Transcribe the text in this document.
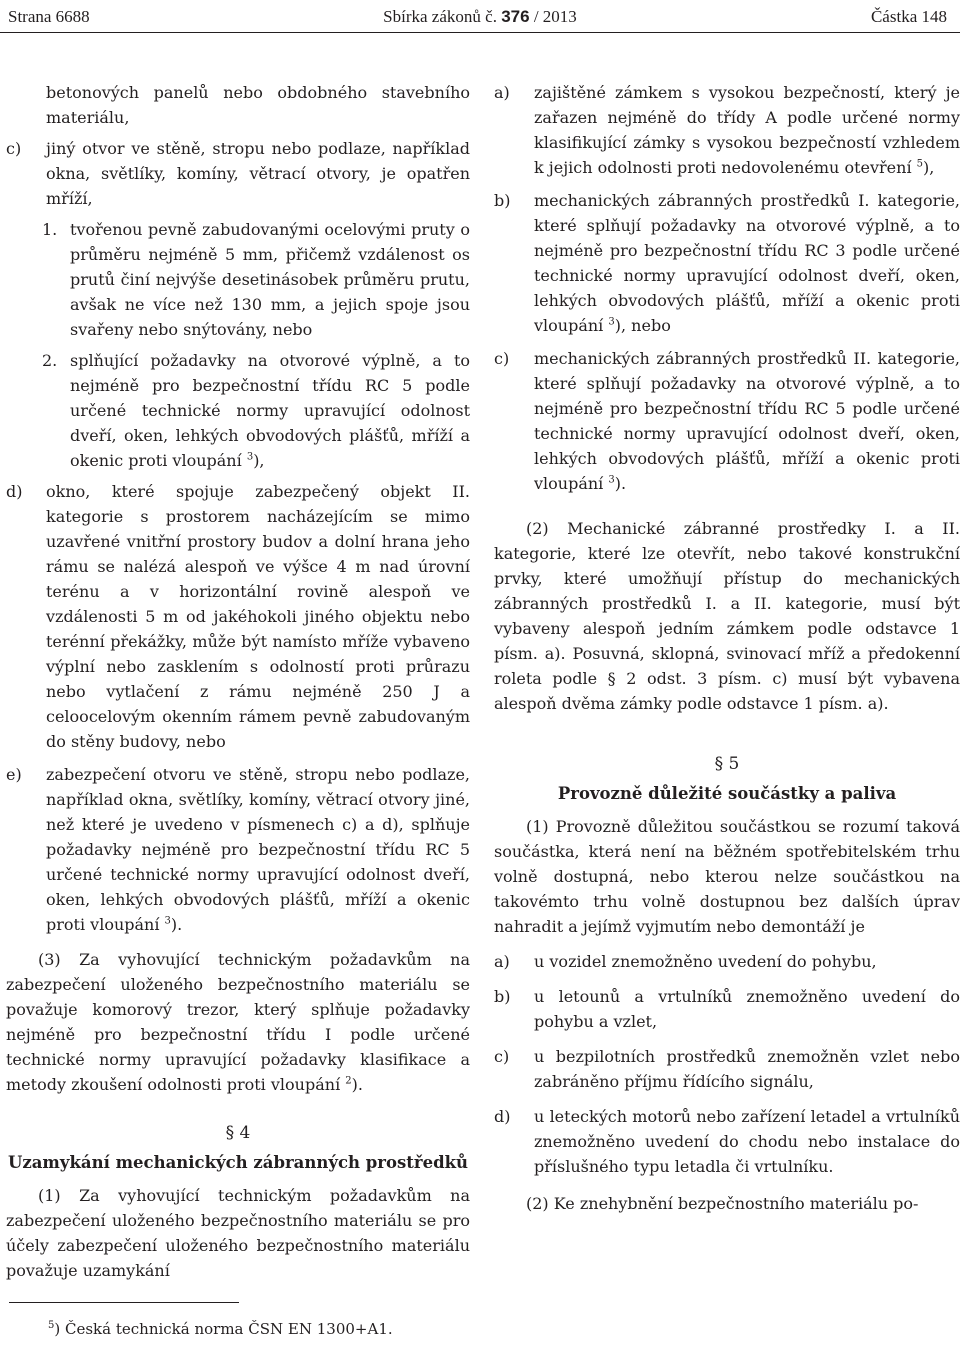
Strana 6688	Sbírka zákonů č. 376 / 2013	Částka 148

betonových panelů nebo obdobného stavebního materiálu,

c) jiný otvor ve stěně, stropu nebo podlaze, například okna, světlíky, komíny, větrací otvory, je opatřen mříží,
1. tvořenou pevně zabudovanými ocelovými pruty o průměru nejméně 5 mm, přičemž vzdálenost os prutů činí nejvýše desetinásobek průměru prutu, avšak ne více než 130 mm, a jejich spoje jsou svařeny nebo snýtovány, nebo
2. splňující požadavky na otvorové výplně, a to nejméně pro bezpečnostní třídu RC 5 podle určené technické normy upravující odolnost dveří, oken, lehkých obvodových plášťů, mříží a okenic proti vloupání $^3$),
d) okno, které spojuje zabezpečený objekt II. kategorie s prostorem nacházejícím se mimo uzavřené vnitřní prostory budov a dolní hrana jeho rámu se nalézá alespoň ve výšce 4 m nad úrovní terénu a v horizontální rovině alespoň ve vzdálenosti 5 m od jakéhokoli jiného objektu nebo terénní překážky, může být namísto mříže vybaveno výplní nebo zasklením s odolností proti průrazu nebo vytlačení z rámu nejméně 250 J a celoocelovým okenním rámem pevně zabudovaným do stěny budovy, nebo
e) zabezpečení otvoru ve stěně, stropu nebo podlaze, například okna, světlíky, komíny, větrací otvory jiné, než které je uvedeno v písmenech c) a d), splňuje požadavky nejméně pro bezpečnostní třídu RC 5 určené technické normy upravující odolnost dveří, oken, lehkých obvodových plášťů, mříží a okenic proti vloupání $^3$).

(3) Za vyhovující technickým požadavkům na zabezpečení uloženého bezpečnostního materiálu se považuje komorový trezor, který splňuje požadavky nejméně pro bezpečnostní třídu I podle určené technické normy upravující požadavky klasifikace a metody zkoušení odolnosti proti vloupání $^2$).

§ 4

Uzamykání mechanických zábranných prostředků

(1) Za vyhovující technickým požadavkům na zabezpečení uloženého bezpečnostního materiálu se pro účely zabezpečení uloženého bezpečnostního materiálu považuje uzamykání

a) zajištěné zámkem s vysokou bezpečností, který je zařazen nejméně do třídy A podle určené normy klasifikující zámky s vysokou bezpečností vzhledem k jejich odolnosti proti nedovolenému otevření $^5$),
b) mechanických zábranných prostředků I. kategorie, které splňují požadavky na otvorové výplně, a to nejméně pro bezpečnostní třídu RC 3 podle určené technické normy upravující odolnost dveří, oken, lehkých obvodových plášťů, mříží a okenic proti vloupání $^3$), nebo
c) mechanických zábranných prostředků II. kategorie, které splňují požadavky na otvorové výplně, a to nejméně pro bezpečnostní třídu RC 5 podle určené technické normy upravující odolnost dveří, oken, lehkých obvodových plášťů, mříží a okenic proti vloupání $^3$).

(2) Mechanické zábranné prostředky I. a II. kategorie, které lze otevřít, nebo takové konstrukční prvky, které umožňují přístup do mechanických zábranných prostředků I. a II. kategorie, musí být vybaveny alespoň jedním zámkem podle odstavce 1 písm. a). Posuvná, sklopná, svinovací mříž a předokenní roleta podle § 2 odst. 3 písm. c) musí být vybavena alespoň dvěma zámky podle odstavce 1 písm. a).

§ 5

Provozně důležité součástky a paliva

(1) Provozně důležitou součástkou se rozumí taková součástka, která není na běžném spotřebitelském trhu volně dostupná, nebo kterou nelze součástkou na takovémto trhu volně dostupnou bez dalších úprav nahradit a jejímž vyjmutím nebo demontáží je

a) u vozidel znemožněno uvedení do pohybu,
b) u letounů a vrtulníků znemožněno uvedení do pohybu a vzlet,
c) u bezpilotních prostředků znemožněn vzlet nebo zabráněno příjmu řídícího signálu,
d) u leteckých motorů nebo zařízení letadel a vrtulníků znemožněno uvedení do chodu nebo instalace do příslušného typu letadla či vrtulníku.

(2) Ke znehybnění bezpečnostního materiálu po-

$^5$) Česká technická norma ČSN EN 1300+A1.
